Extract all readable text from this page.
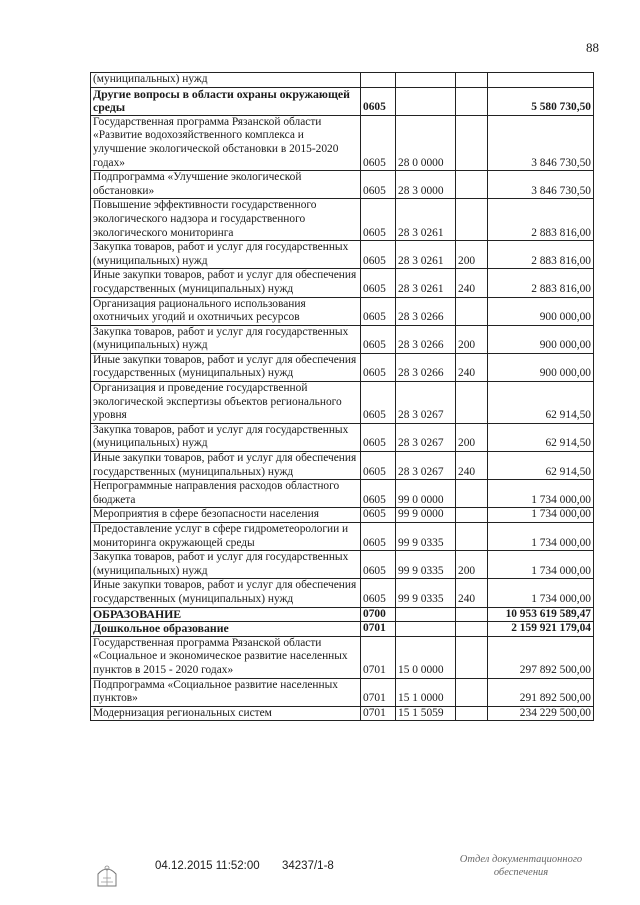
88
(муниципальных) нужд				
Другие вопросы в области охраны окружающей среды	0605			5 580 730,50
Государственная программа Рязанской области «Развитие водохозяйственного комплекса и улучшение экологической обстановки в 2015-2020 годах»	0605	28 0 0000		3 846 730,50
Подпрограмма «Улучшение экологической обстановки»	0605	28 3 0000		3 846 730,50
Повышение эффективности государственного экологического надзора и государственного экологического мониторинга	0605	28 3 0261		2 883 816,00
Закупка товаров, работ и услуг для государственных (муниципальных) нужд	0605	28 3 0261	200	2 883 816,00
Иные закупки товаров, работ и услуг для обеспечения государственных (муниципальных) нужд	0605	28 3 0261	240	2 883 816,00
Организация рационального использования охотничьих угодий и охотничьих ресурсов	0605	28 3 0266		900 000,00
Закупка товаров, работ и услуг для государственных (муниципальных) нужд	0605	28 3 0266	200	900 000,00
Иные закупки товаров, работ и услуг для обеспечения государственных (муниципальных) нужд	0605	28 3 0266	240	900 000,00
Организация и проведение государственной экологической экспертизы объектов регионального уровня	0605	28 3 0267		62 914,50
Закупка товаров, работ и услуг для государственных (муниципальных) нужд	0605	28 3 0267	200	62 914,50
Иные закупки товаров, работ и услуг для обеспечения государственных (муниципальных) нужд	0605	28 3 0267	240	62 914,50
Непрограммные направления расходов областного бюджета	0605	99 0 0000		1 734 000,00
Мероприятия в сфере безопасности населения	0605	99 9 0000		1 734 000,00
Предоставление услуг в сфере гидрометеорологии и мониторинга окружающей среды	0605	99 9 0335		1 734 000,00
Закупка товаров, работ и услуг для государственных (муниципальных) нужд	0605	99 9 0335	200	1 734 000,00
Иные закупки товаров, работ и услуг для обеспечения государственных (муниципальных) нужд	0605	99 9 0335	240	1 734 000,00
ОБРАЗОВАНИЕ	0700			10 953 619 589,47
Дошкольное образование	0701			2 159 921 179,04
Государственная программа Рязанской области «Социальное и экономическое развитие населенных пунктов в 2015 - 2020 годах»	0701	15 0 0000		297 892 500,00
Подпрограмма «Социальное развитие населенных пунктов»	0701	15 1 0000		291 892 500,00
Модернизация региональных систем	0701	15 1 5059		234 229 500,00
04.12.2015 11:52:00 34237/1-8
Отдел документационного
обеспечения
